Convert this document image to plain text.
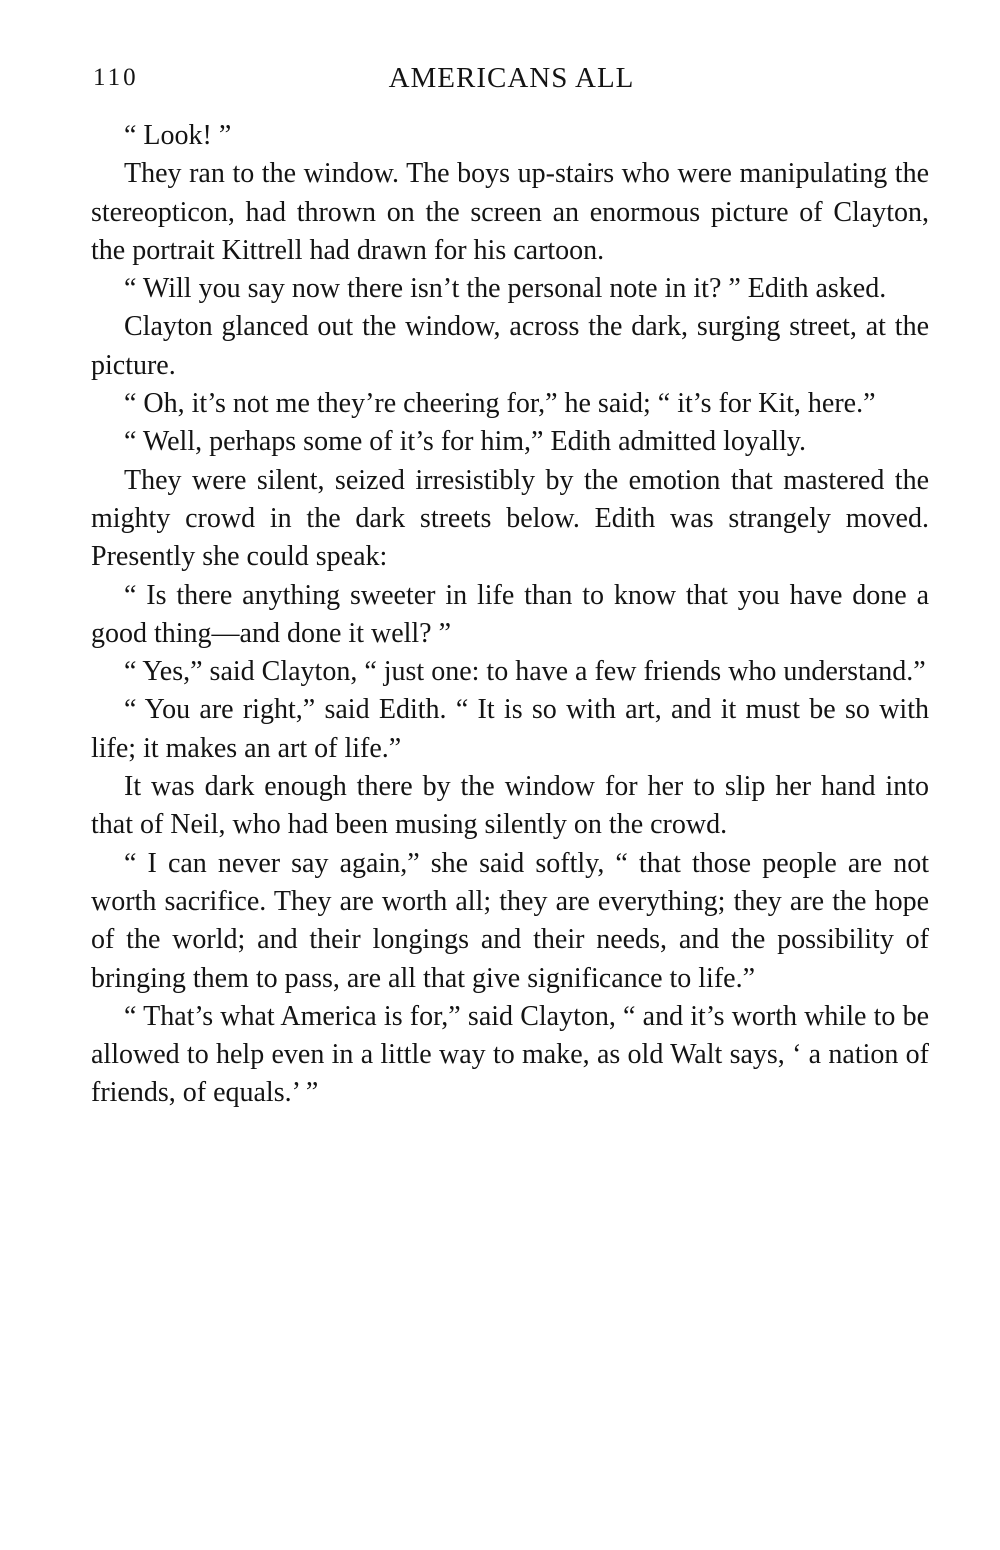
110	AMERICANS ALL

“ Look! ”

They ran to the window. The boys up-stairs who were manipulating the stereopticon, had thrown on the screen an enormous picture of Clayton, the portrait Kittrell had drawn for his cartoon.

“ Will you say now there isn’t the personal note in it? ” Edith asked.

Clayton glanced out the window, across the dark, surging street, at the picture.

“ Oh, it’s not me they’re cheering for,” he said; “ it’s for Kit, here.”

“ Well, perhaps some of it’s for him,” Edith admitted loyally.

They were silent, seized irresistibly by the emotion that mastered the mighty crowd in the dark streets below. Edith was strangely moved. Presently she could speak:

“ Is there anything sweeter in life than to know that you have done a good thing—and done it well? ”

“ Yes,” said Clayton, “ just one: to have a few friends who understand.”

“ You are right,” said Edith. “ It is so with art, and it must be so with life; it makes an art of life.”

It was dark enough there by the window for her to slip her hand into that of Neil, who had been musing silently on the crowd.

“ I can never say again,” she said softly, “ that those people are not worth sacrifice. They are worth all; they are everything; they are the hope of the world; and their longings and their needs, and the possibility of bringing them to pass, are all that give significance to life.”

“ That’s what America is for,” said Clayton, “ and it’s worth while to be allowed to help even in a little way to make, as old Walt says, ‘ a nation of friends, of equals.’ ”
